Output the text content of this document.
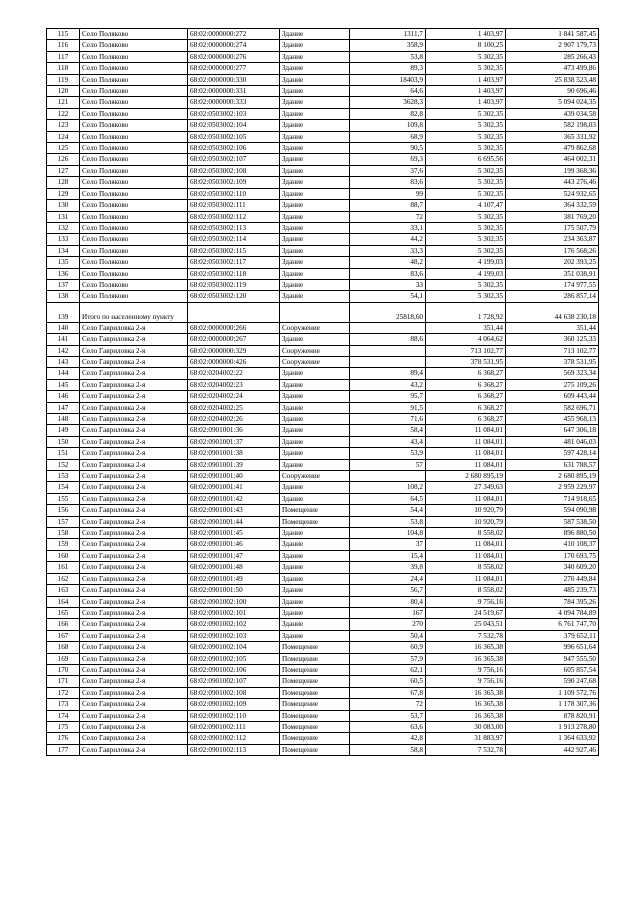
115	Село Поляково	68:02:0000000:272	Здание	1311,7	1 403,97	1 841 587,45
116	Село Поляково	68:02:0000000:274	Здание	358,9	8 100,25	2 907 179,73
117	Село Поляково	68:02:0000000:276	Здание	53,8	5 302,35	285 266,43
118	Село Поляково	68:02:0000000:277	Здание	89,3	5 302,35	473 499,86
119	Село Поляково	68:02:0000000:330	Здание	18403,9	1 403,97	25 838 523,48
120	Село Поляково	68:02:0000000:331	Здание	64,6	1 403,97	90 696,46
121	Село Поляково	68:02:0000000:333	Здание	3628,3	1 403,97	5 094 024,35
122	Село Поляково	68:02:0503002:103	Здание	82,8	5 302,35	439 034,58
123	Село Поляково	68:02:0503002:104	Здание	109,8	5 302,35	582 198,03
124	Село Поляково	68:02:0503002:105	Здание	68,9	5 302,35	365 331,92
125	Село Поляково	68:02:0503002:106	Здание	90,5	5 302,35	479 862,68
126	Село Поляково	68:02:0503002:107	Здание	69,3	6 695,56	464 002,31
127	Село Поляково	68:02:0503002:108	Здание	37,6	5 302,35	199 368,36
128	Село Поляково	68:02:0503002:109	Здание	83,6	5 302,35	443 276,46
129	Село Поляково	68:02:0503002:110	Здание	99	5 302,35	524 932,65
130	Село Поляково	68:02:0503002:111	Здание	88,7	4 107,47	364 332,59
131	Село Поляково	68:02:0503002:112	Здание	72	5 302,35	381 769,20
132	Село Поляково	68:02:0503002:113	Здание	33,1	5 302,35	175 507,79
133	Село Поляково	68:02:0503002:114	Здание	44,2	5 302,35	234 363,87
134	Село Поляково	68:02:0503002:115	Здание	33,3	5 302,35	176 568,26
135	Село Поляково	68:02:0503002:117	Здание	48,2	4 199,03	202 393,25
136	Село Поляково	68:02:0503002:118	Здание	83,6	4 199,03	351 038,91
137	Село Поляково	68:02:0503002:119	Здание	33	5 302,35	174 977,55
138	Село Поляково	68:02:0503002:120	Здание	54,1	5 302,35	286 857,14
139	Итого по населенному пункту			25818,60	1 728,92	44 638 230,18
140	Село Гавриловка 2-я	68:02:0000000:266	Сооружение		351,44	351,44
141	Село Гавриловка 2-я	68:02:0000000:267	Здание	88,6	4 064,62	360 125,33
142	Село Гавриловка 2-я	68:02:0000000:329	Сооружение		713 102,77	713 102,77
143	Село Гавриловка 2-я	68:02:0000000:426	Сооружение		378 531,95	378 531,95
144	Село Гавриловка 2-я	68:02:0204002:22	Здание	89,4	6 368,27	569 323,34
145	Село Гавриловка 2-я	68:02:0204002:23	Здание	43,2	6 368,27	275 109,26
146	Село Гавриловка 2-я	68:02:0204002:24	Здание	95,7	6 368,27	609 443,44
147	Село Гавриловка 2-я	68:02:0204002:25	Здание	91,5	6 368,27	582 696,71
148	Село Гавриловка 2-я	68:02:0204002:26	Здание	71,6	6 368,27	455 968,13
149	Село Гавриловка 2-я	68:02:0901001:36	Здание	58,4	11 084,01	647 306,18
150	Село Гавриловка 2-я	68:02:0901001:37	Здание	43,4	11 084,01	481 046,03
151	Село Гавриловка 2-я	68:02:0901001:38	Здание	53,9	11 084,01	597 428,14
152	Село Гавриловка 2-я	68:02:0901001:39	Здание	57	11 084,01	631 788,57
153	Село Гавриловка 2-я	68:02:0901001:40	Сооружение		2 680 895,19	2 680 895,19
154	Село Гавриловка 2-я	68:02:0901001:41	Здание	108,2	27 349,63	2 959 229,97
155	Село Гавриловка 2-я	68:02:0901001:42	Здание	64,5	11 084,01	714 918,65
156	Село Гавриловка 2-я	68:02:0901001:43	Помещение	54,4	10 920,79	594 090,98
157	Село Гавриловка 2-я	68:02:0901001:44	Помещение	53,8	10 920,79	587 538,50
158	Село Гавриловка 2-я	68:02:0901001:45	Здание	104,8	8 558,02	896 880,50
159	Село Гавриловка 2-я	68:02:0901001:46	Здание	37	11 084,01	410 108,37
160	Село Гавриловка 2-я	68:02:0901001:47	Здание	15,4	11 084,01	170 693,75
161	Село Гавриловка 2-я	68:02:0901001:48	Здание	39,8	8 558,02	340 609,20
162	Село Гавриловка 2-я	68:02:0901001:49	Здание	24,4	11 084,01	270 449,84
163	Село Гавриловка 2-я	68:02:0901001:50	Здание	56,7	8 558,02	485 239,73
164	Село Гавриловка 2-я	68:02:0901002:100	Здание	80,4	9 756,16	784 395,26
165	Село Гавриловка 2-я	68:02:0901002:101	Здание	167	24 519,67	4 094 784,89
166	Село Гавриловка 2-я	68:02:0901002:102	Здание	270	25 043,51	6 761 747,70
167	Село Гавриловка 2-я	68:02:0901002:103	Здание	50,4	7 532,78	379 652,11
168	Село Гавриловка 2-я	68:02:0901002:104	Помещение	60,9	16 365,38	996 651,64
169	Село Гавриловка 2-я	68:02:0901002:105	Помещение	57,9	16 365,38	947 555,50
170	Село Гавриловка 2-я	68:02:0901002:106	Помещение	62,1	9 756,16	605 857,54
171	Село Гавриловка 2-я	68:02:0901002:107	Помещение	60,5	9 756,16	590 247,68
172	Село Гавриловка 2-я	68:02:0901002:108	Помещение	67,8	16 365,38	1 109 572,76
173	Село Гавриловка 2-я	68:02:0901002:109	Помещение	72	16 365,38	1 178 307,36
174	Село Гавриловка 2-я	68:02:0901002:110	Помещение	53,7	16 365,38	878 820,91
175	Село Гавриловка 2-я	68:02:0901002:111	Помещение	63,6	30 083,00	1 913 278,80
176	Село Гавриловка 2-я	68:02:0901002:112	Помещение	42,8	31 883,97	1 364 633,92
177	Село Гавриловка 2-я	68:02:0901002:113	Помещение	58,8	7 532,78	442 927,46
